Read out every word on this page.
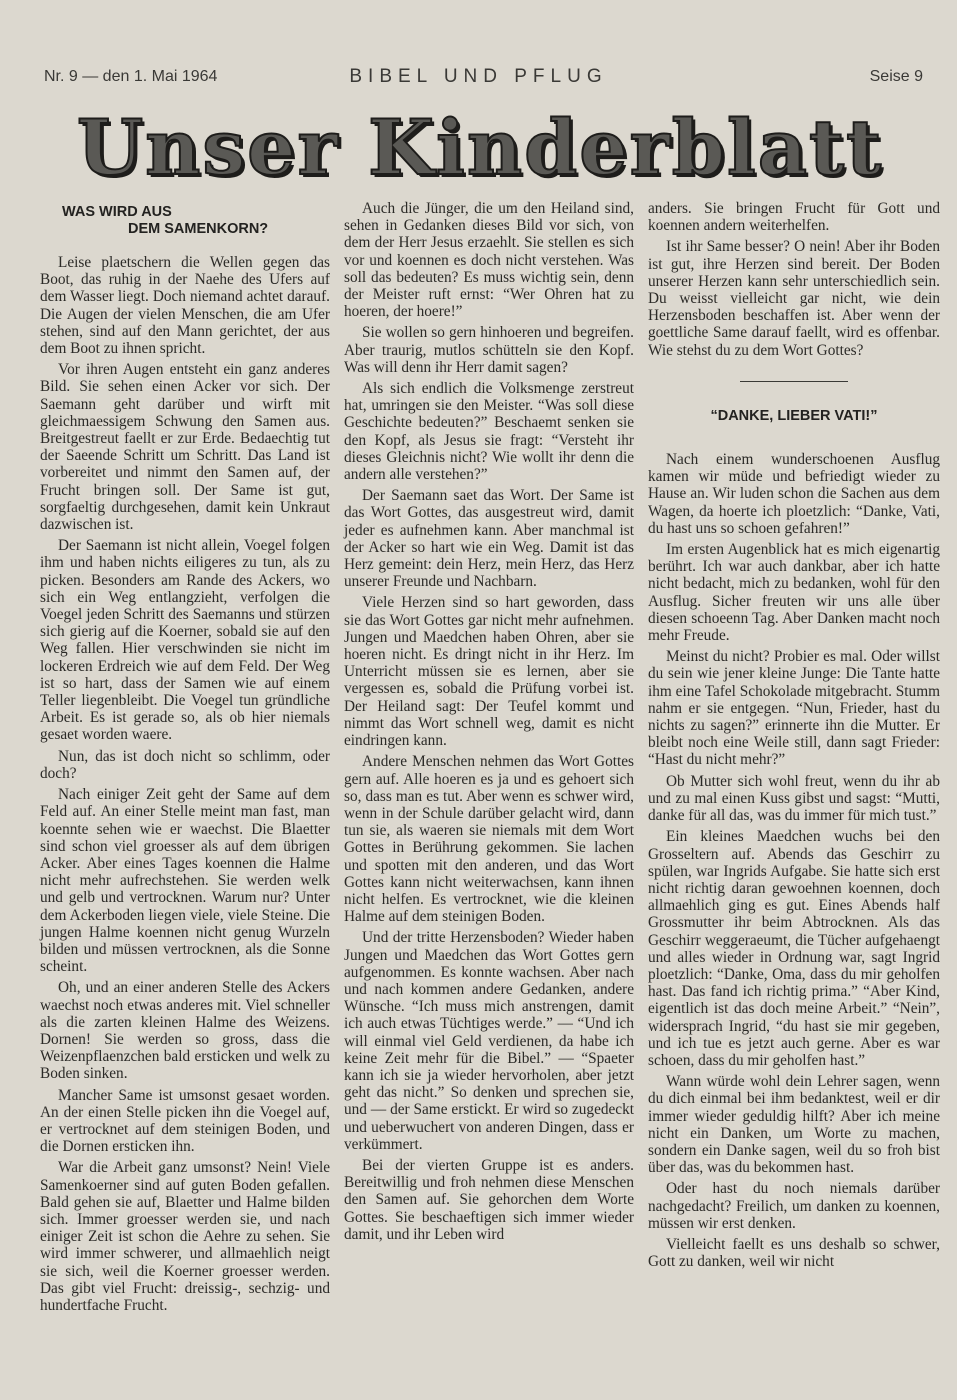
Nr. 9 — den 1. Mai 1964	BIBEL UND PFLUG	Seise 9
Unser Kinderblatt
WAS WIRD AUS
DEM SAMENKORN?

Leise plaetschern die Wellen gegen das Boot, das ruhig in der Naehe des Ufers auf dem Wasser liegt. Doch niemand achtet darauf. Die Augen der vielen Menschen, die am Ufer stehen, sind auf den Mann gerichtet, der aus dem Boot zu ihnen spricht.

Vor ihren Augen entsteht ein ganz anderes Bild. Sie sehen einen Acker vor sich. Der Saemann geht darüber und wirft mit gleichmaessigem Schwung den Samen aus. Breitgestreut faellt er zur Erde. Bedaechtig tut der Saeende Schritt um Schritt. Das Land ist vorbereitet und nimmt den Samen auf, der Frucht bringen soll. Der Same ist gut, sorgfaeltig durchgesehen, damit kein Unkraut dazwischen ist.

Der Saemann ist nicht allein, Voegel folgen ihm und haben nichts eiligeres zu tun, als zu picken. Besonders am Rande des Ackers, wo sich ein Weg entlangzieht, verfolgen die Voegel jeden Schritt des Saemanns und stürzen sich gierig auf die Koerner, sobald sie auf den Weg fallen. Hier verschwinden sie nicht im lockeren Erdreich wie auf dem Feld. Der Weg ist so hart, dass der Samen wie auf einem Teller liegenbleibt. Die Voegel tun gründliche Arbeit. Es ist gerade so, als ob hier niemals gesaet worden waere.

Nun, das ist doch nicht so schlimm, oder doch?

Nach einiger Zeit geht der Same auf dem Feld auf. An einer Stelle meint man fast, man koennte sehen wie er waechst. Die Blaetter sind schon viel groesser als auf dem übrigen Acker. Aber eines Tages koennen die Halme nicht mehr aufrechstehen. Sie werden welk und gelb und vertrocknen. Warum nur? Unter dem Ackerboden liegen viele, viele Steine. Die jungen Halme koennen nicht genug Wurzeln bilden und müssen vertrocknen, als die Sonne scheint.

Oh, und an einer anderen Stelle des Ackers waechst noch etwas anderes mit. Viel schneller als die zarten kleinen Halme des Weizens. Dornen! Sie werden so gross, dass die Weizenpflaenzchen bald ersticken und welk zu Boden sinken.

Mancher Same ist umsonst gesaet worden. An der einen Stelle picken ihn die Voegel auf, er vertrocknet auf dem steinigen Boden, und die Dornen ersticken ihn.

War die Arbeit ganz umsonst? Nein! Viele Samenkoerner sind auf guten Boden gefallen. Bald gehen sie auf, Blaetter und Halme bilden sich. Immer groesser werden sie, und nach einiger Zeit ist schon die Aehre zu sehen. Sie wird immer schwerer, und allmaehlich neigt sie sich, weil die Koerner groesser werden. Das gibt viel Frucht: dreissig-, sechzig- und hundertfache Frucht.

Auch die Jünger, die um den Heiland sind, sehen in Gedanken dieses Bild vor sich, von dem der Herr Jesus erzaehlt. Sie stellen es sich vor und koennen es doch nicht verstehen. Was soll das bedeuten? Es muss wichtig sein, denn der Meister ruft ernst: “Wer Ohren hat zu hoeren, der hoere!”

Sie wollen so gern hinhoeren und begreifen. Aber traurig, mutlos schütteln sie den Kopf. Was will denn ihr Herr damit sagen?

Als sich endlich die Volksmenge zerstreut hat, umringen sie den Meister. “Was soll diese Geschichte bedeuten?” Beschaemt senken sie den Kopf, als Jesus sie fragt: “Versteht ihr dieses Gleichnis nicht? Wie wollt ihr denn die andern alle verstehen?”

Der Saemann saet das Wort. Der Same ist das Wort Gottes, das ausgestreut wird, damit jeder es aufnehmen kann. Aber manchmal ist der Acker so hart wie ein Weg. Damit ist das Herz gemeint: dein Herz, mein Herz, das Herz unserer Freunde und Nachbarn.

Viele Herzen sind so hart geworden, dass sie das Wort Gottes gar nicht mehr aufnehmen. Jungen und Maedchen haben Ohren, aber sie hoeren nicht. Es dringt nicht in ihr Herz. Im Unterricht müssen sie es lernen, aber sie vergessen es, sobald die Prüfung vorbei ist. Der Heiland sagt: Der Teufel kommt und nimmt das Wort schnell weg, damit es nicht eindringen kann.

Andere Menschen nehmen das Wort Gottes gern auf. Alle hoeren es ja und es gehoert sich so, dass man es tut. Aber wenn es schwer wird, wenn in der Schule darüber gelacht wird, dann tun sie, als waeren sie niemals mit dem Wort Gottes in Berührung gekommen. Sie lachen und spotten mit den anderen, und das Wort Gottes kann nicht weiterwachsen, kann ihnen nicht helfen. Es vertrocknet, wie die kleinen Halme auf dem steinigen Boden.

Und der tritte Herzensboden? Wieder haben Jungen und Maedchen das Wort Gottes gern aufgenommen. Es konnte wachsen. Aber nach und nach kommen andere Gedanken, andere Wünsche. “Ich muss mich anstrengen, damit ich auch etwas Tüchtiges werde.” — “Und ich will einmal viel Geld verdienen, da habe ich keine Zeit mehr für die Bibel.” — “Spaeter kann ich sie ja wieder hervorholen, aber jetzt geht das nicht.” So denken und sprechen sie, und — der Same erstickt. Er wird so zugedeckt und ueberwuchert von anderen Dingen, dass er verkümmert.

Bei der vierten Gruppe ist es anders. Bereitwillig und froh nehmen diese Menschen den Samen auf. Sie gehorchen dem Worte Gottes. Sie beschaeftigen sich immer wieder damit, und ihr Leben wird

anders. Sie bringen Frucht für Gott und koennen andern weiterhelfen.

Ist ihr Same besser? O nein! Aber ihr Boden ist gut, ihre Herzen sind bereit. Der Boden unserer Herzen kann sehr unterschiedlich sein. Du weisst vielleicht gar nicht, wie dein Herzensboden beschaffen ist. Aber wenn der goettliche Same darauf faellt, wird es offenbar. Wie stehst du zu dem Wort Gottes?

“DANKE, LIEBER VATI!”

Nach einem wunderschoenen Ausflug kamen wir müde und befriedigt wieder zu Hause an. Wir luden schon die Sachen aus dem Wagen, da hoerte ich ploetzlich: “Danke, Vati, du hast uns so schoen gefahren!”

Im ersten Augenblick hat es mich eigenartig berührt. Ich war auch dankbar, aber ich hatte nicht bedacht, mich zu bedanken, wohl für den Ausflug. Sicher freuten wir uns alle über diesen schoeenn Tag. Aber Danken macht noch mehr Freude.

Meinst du nicht? Probier es mal. Oder willst du sein wie jener kleine Junge: Die Tante hatte ihm eine Tafel Schokolade mitgebracht. Stumm nahm er sie entgegen. “Nun, Frieder, hast du nichts zu sagen?” erinnerte ihn die Mutter. Er bleibt noch eine Weile still, dann sagt Frieder: “Hast du nicht mehr?”

Ob Mutter sich wohl freut, wenn du ihr ab und zu mal einen Kuss gibst und sagst: “Mutti, danke für all das, was du immer für mich tust.”

Ein kleines Maedchen wuchs bei den Grosseltern auf. Abends das Geschirr zu spülen, war Ingrids Aufgabe. Sie hatte sich erst nicht richtig daran gewoehnen koennen, doch allmaehlich ging es gut. Eines Abends half Grossmutter ihr beim Abtrocknen. Als das Geschirr weggeraeumt, die Tücher aufgehaengt und alles wieder in Ordnung war, sagt Ingrid ploetzlich: “Danke, Oma, dass du mir geholfen hast. Das fand ich richtig prima.” “Aber Kind, eigentlich ist das doch meine Arbeit.” “Nein”, widersprach Ingrid, “du hast sie mir gegeben, und ich tue es jetzt auch gerne. Aber es war schoen, dass du mir geholfen hast.”

Wann würde wohl dein Lehrer sagen, wenn du dich einmal bei ihm bedanktest, weil er dir immer wieder geduldig hilft? Aber ich meine nicht ein Danken, um Worte zu machen, sondern ein Danke sagen, weil du so froh bist über das, was du bekommen hast.

Oder hast du noch niemals darüber nachgedacht? Freilich, um danken zu koennen, müssen wir erst denken.

Vielleicht faellt es uns deshalb so schwer, Gott zu danken, weil wir nicht
